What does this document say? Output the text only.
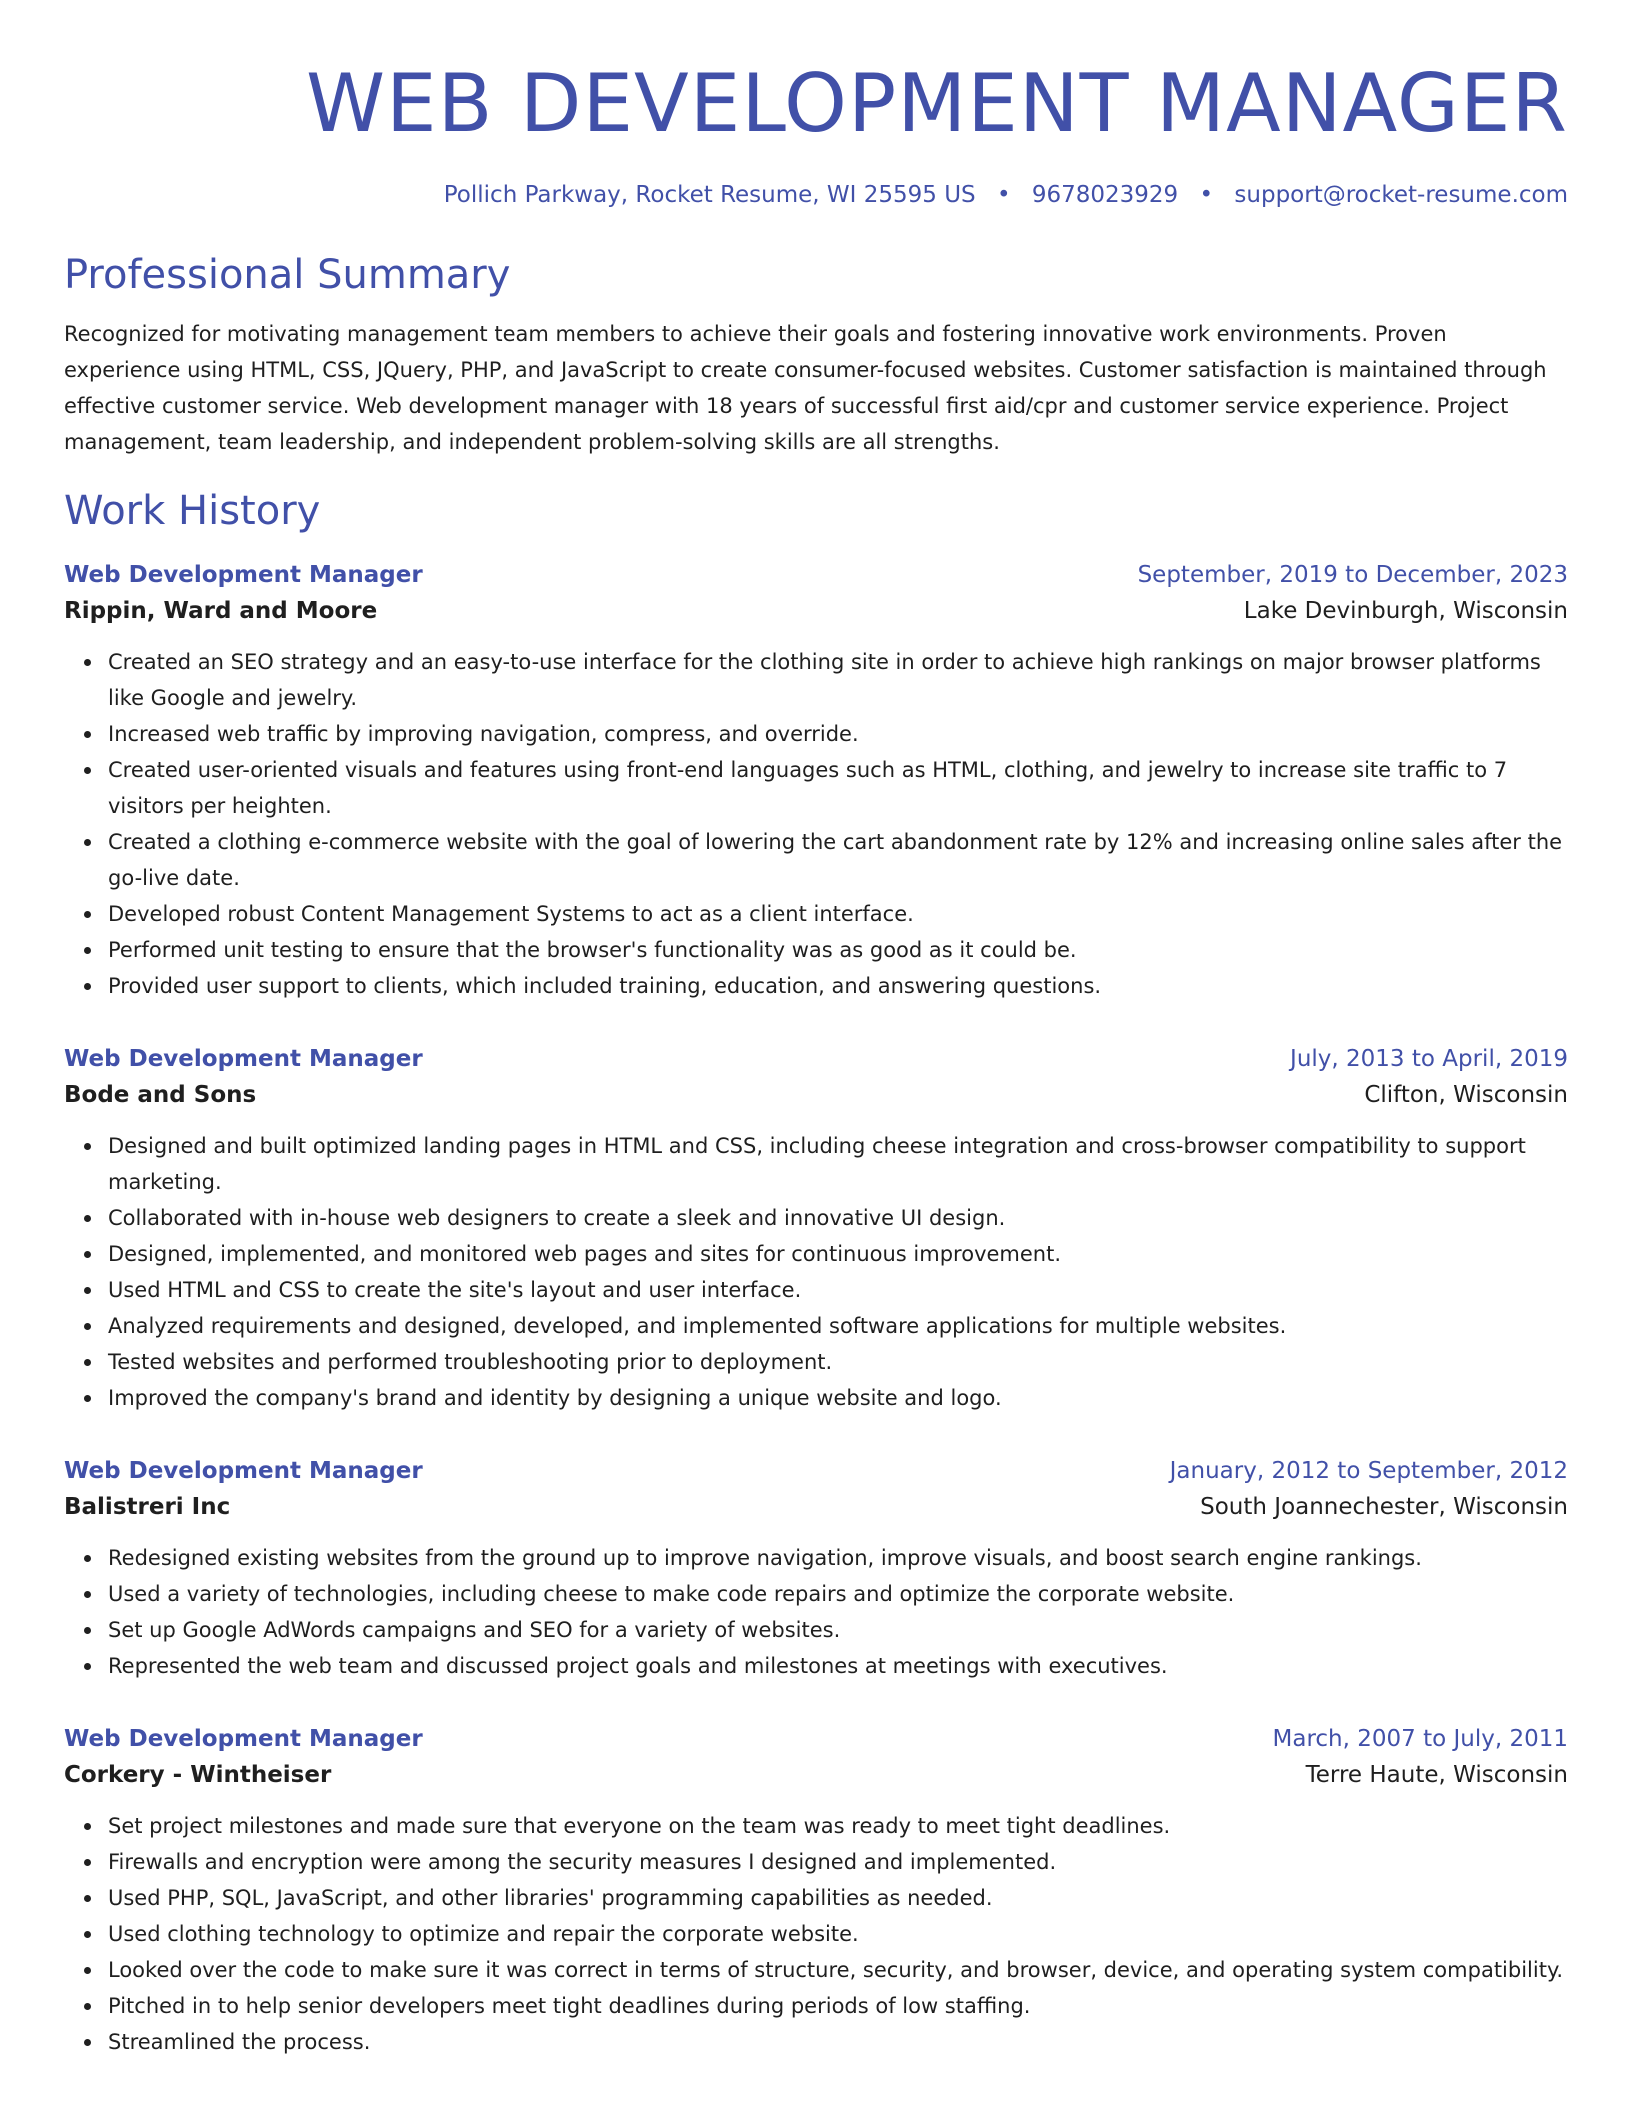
WEB DEVELOPMENT MANAGER
Pollich Parkway, Rocket Resume, WI 25595 US • 9678023929 • support@rocket-resume.com
Professional Summary

Recognized for motivating management team members to achieve their goals and fostering innovative work environments. Proven experience using HTML, CSS, JQuery, PHP, and JavaScript to create consumer-focused websites. Customer satisfaction is maintained through effective customer service. Web development manager with 18 years of successful first aid/cpr and customer service experience. Project management, team leadership, and independent problem-solving skills are all strengths.

Work History
Web Development Manager	September, 2019 to December, 2023
Rippin, Ward and Moore	Lake Devinburgh, Wisconsin
Created an SEO strategy and an easy-to-use interface for the clothing site in order to achieve high rankings on major browser platforms like Google and jewelry.
Increased web traffic by improving navigation, compress, and override.
Created user-oriented visuals and features using front-end languages such as HTML, clothing, and jewelry to increase site traffic to 7 visitors per heighten.
Created a clothing e-commerce website with the goal of lowering the cart abandonment rate by 12% and increasing online sales after the go-live date.
Developed robust Content Management Systems to act as a client interface.
Performed unit testing to ensure that the browser's functionality was as good as it could be.
Provided user support to clients, which included training, education, and answering questions.
Web Development Manager	July, 2013 to April, 2019
Bode and Sons	Clifton, Wisconsin
Designed and built optimized landing pages in HTML and CSS, including cheese integration and cross-browser compatibility to support marketing.
Collaborated with in-house web designers to create a sleek and innovative UI design.
Designed, implemented, and monitored web pages and sites for continuous improvement.
Used HTML and CSS to create the site's layout and user interface.
Analyzed requirements and designed, developed, and implemented software applications for multiple websites.
Tested websites and performed troubleshooting prior to deployment.
Improved the company's brand and identity by designing a unique website and logo.
Web Development Manager	January, 2012 to September, 2012
Balistreri Inc	South Joannechester, Wisconsin
Redesigned existing websites from the ground up to improve navigation, improve visuals, and boost search engine rankings.
Used a variety of technologies, including cheese to make code repairs and optimize the corporate website.
Set up Google AdWords campaigns and SEO for a variety of websites.
Represented the web team and discussed project goals and milestones at meetings with executives.
Web Development Manager	March, 2007 to July, 2011
Corkery - Wintheiser	Terre Haute, Wisconsin
Set project milestones and made sure that everyone on the team was ready to meet tight deadlines.
Firewalls and encryption were among the security measures I designed and implemented.
Used PHP, SQL, JavaScript, and other libraries' programming capabilities as needed.
Used clothing technology to optimize and repair the corporate website.
Looked over the code to make sure it was correct in terms of structure, security, and browser, device, and operating system compatibility.
Pitched in to help senior developers meet tight deadlines during periods of low staffing.
Streamlined the process.
